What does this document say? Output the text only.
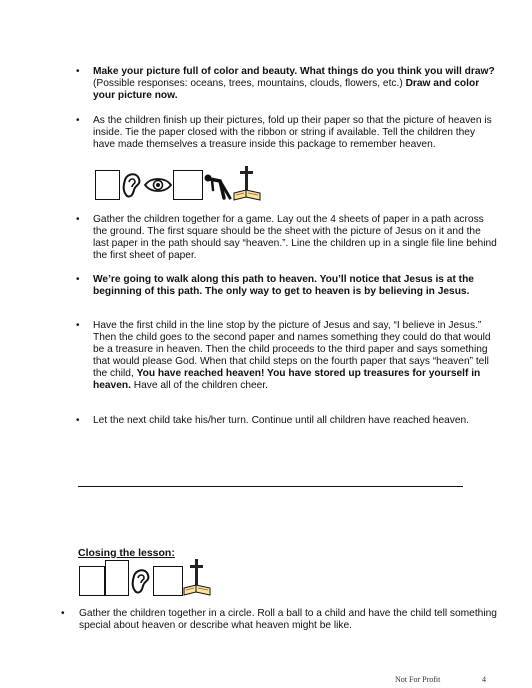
• Make your picture full of color and beauty. What things do you think you will draw? (Possible responses: oceans, trees, mountains, clouds, flowers, etc.) Draw and color your picture now.

• As the children finish up their pictures, fold up their paper so that the picture of heaven is inside. Tie the paper closed with the ribbon or string if available. Tell the children they have made themselves a treasure inside this package to remember heaven.

• Gather the children together for a game. Lay out the 4 sheets of paper in a path across the ground. The first square should be the sheet with the picture of Jesus on it and the last paper in the path should say “heaven.”. Line the children up in a single file line behind the first sheet of paper.

• We’re going to walk along this path to heaven. You’ll notice that Jesus is at the beginning of this path. The only way to get to heaven is by believing in Jesus.

• Have the first child in the line stop by the picture of Jesus and say, “I believe in Jesus.” Then the child goes to the second paper and names something they could do that would be a treasure in heaven. Then the child proceeds to the third paper and says something that would please God. When that child steps on the fourth paper that says “heaven” tell the child, You have reached heaven! You have stored up treasures for yourself in heaven. Have all of the children cheer.

• Let the next child take his/her turn. Continue until all children have reached heaven.

Closing the lesson:
• Gather the children together in a circle. Roll a ball to a child and have the child tell something special about heaven or describe what heaven might be like.

Not For Profit	4
